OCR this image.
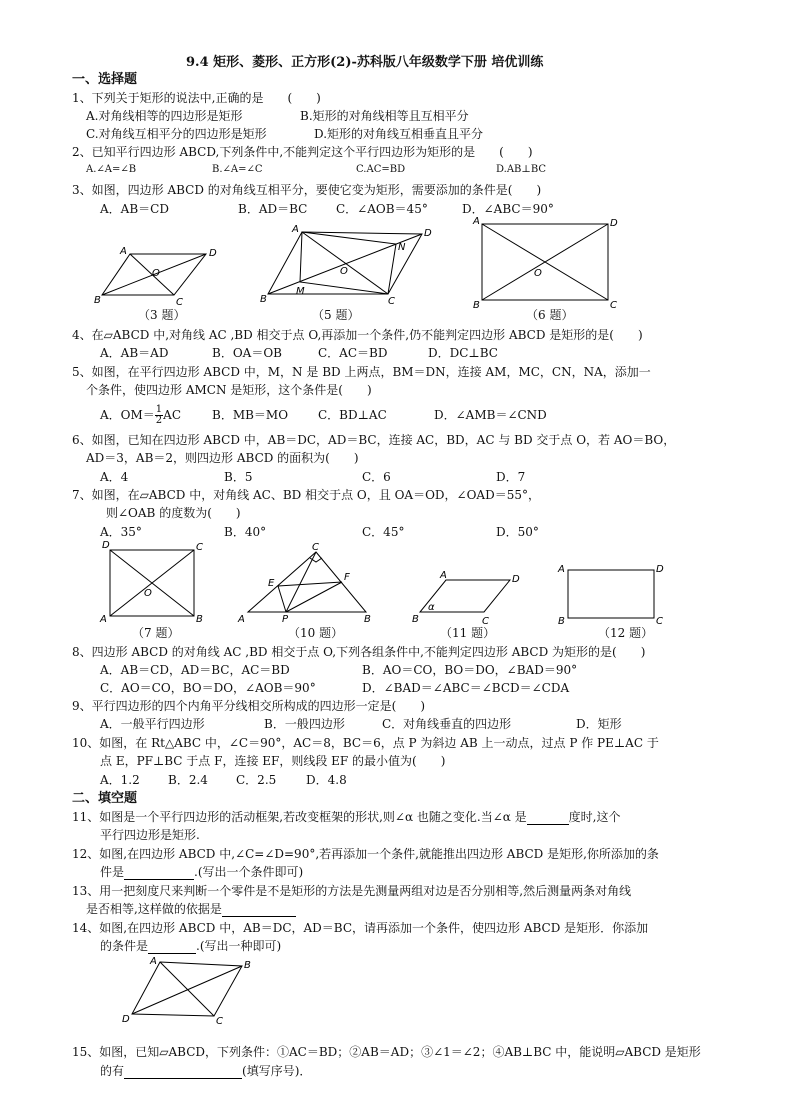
9.4 矩形、菱形、正方形(2)-苏科版八年级数学下册 培优训练
一、选择题
1、下列关于矩形的说法中,正确的是　　(　　)
A.对角线相等的四边形是矩形	B.矩形的对角线相等且互相平分
C.对角线互相平分的四边形是矩形	D.矩形的对角线互相垂直且平分
2、已知平行四边形 ABCD,下列条件中,不能判定这个平行四边形为矩形的是　　(　　)
A.∠A=∠B	B.∠A=∠C	C.AC=BD	D.AB⊥BC
3、如图，四边形 ABCD 的对角线互相平分，要使它变为矩形，需要添加的条件是(　　)
A．AB＝CD	B．AD＝BC C．∠AOB＝45°	D．∠ABC＝90°
A	D
B	C
O
（3 题）
A	D
B	C
M
N
O
（5 题）
A	D
B	C
O
（6 题）
4、在▱ABCD 中,对角线 AC ,BD 相交于点 O,再添加一个条件,仍不能判定四边形 ABCD 是矩形的是(　　)
A．AB＝AD	B．OA＝OB	C．AC＝BD	D．DC⊥BC
5、如图，在平行四边形 ABCD 中，M，N 是 BD 上两点，BM＝DN，连接 AM，MC，CN，NA，添加一
个条件，使四边形 AMCN 是矩形，这个条件是(　　)
A．$OM= \frac{1}{2}$ AC	B．MB＝MO C．BD⊥AC	D．∠AMB＝∠CND
6、如图，已知在四边形 ABCD 中，AB＝DC，AD＝BC，连接 AC，BD，AC 与 BD 交于点 O，若 AO＝BO，
AD＝3，AB＝2，则四边形 ABCD 的面积为(　　)
A．4	B．5	C．6	D．7
7、如图，在▱ABCD 中，对角线 AC、BD 相交于点 O，且 OA＝OD，∠OAD＝55°，
则∠OAB 的度数为(　　)
A．35°	B．40°	C．45°	D．50°
D	C
A	B
O
（7 题）
C
A	B
E
F
P
（10 题）
A	D
B	C
α
（11 题）
A	D
B	C
（12 题）
8、四边形 ABCD 的对角线 AC ,BD 相交于点 O,下列各组条件中,不能判定四边形 ABCD 为矩形的是(　　)
A．AB＝CD，AD＝BC，AC＝BD	B．AO＝CO，BO＝DO，∠BAD＝90°
C．AO＝CO，BO＝DO，∠AOB＝90°	D．∠BAD＝∠ABC＝∠BCD＝∠CDA
9、平行四边形的四个内角平分线相交所构成的四边形一定是(　　)
A．一般平行四边形	B．一般四边形	C．对角线垂直的四边形	D．矩形
10、如图，在 Rt△ABC 中，∠C＝90°，AC＝8，BC＝6，点 P 为斜边 AB 上一动点，过点 P 作 PE⊥AC 于
点 E，PF⊥BC 于点 F，连接 EF，则线段 EF 的最小值为(　　)
A．1.2 B．2.4 C．2.5 D．4.8
二、填空题
11、如图是一个平行四边形的活动框架,若改变框架的形状,则∠α 也随之变化.当∠α 是	度时,这个
平行四边形是矩形.
12、如图,在四边形 ABCD 中,∠C=∠D=90°,若再添加一个条件,就能推出四边形 ABCD 是矩形,你所添加的条
件是	.(写出一个条件即可)
13、用一把刻度尺来判断一个零件是不是矩形的方法是先测量两组对边是否分别相等,然后测量两条对角线
是否相等,这样做的依据是
14、如图,在四边形 ABCD 中，AB＝DC，AD＝BC，请再添加一个条件，使四边形 ABCD 是矩形．你添加
的条件是	.(写出一种即可)
A	B
D	C
15、如图，已知▱ABCD，下列条件：①AC＝BD；②AB＝AD；③∠1＝∠2；④AB⊥BC 中，能说明▱ABCD 是矩形
的有	(填写序号)．
